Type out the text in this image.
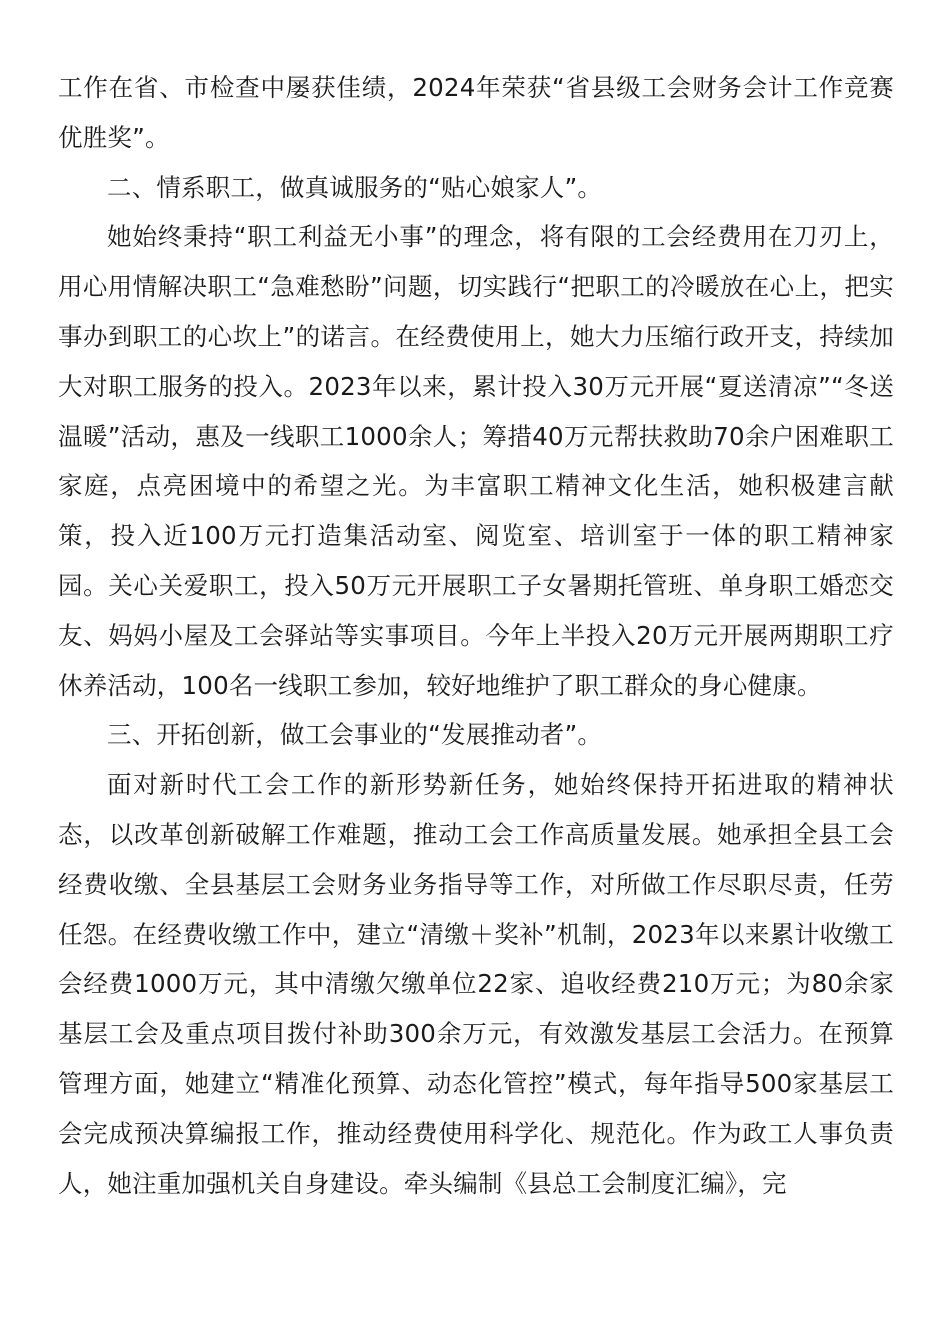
工作在省、市检查中屡获佳绩，2024年荣获“省县级工会财务会计工作竞赛优胜奖”。

二、情系职工，做真诚服务的“贴心娘家人”。

她始终秉持“职工利益无小事”的理念，将有限的工会经费用在刀刃上，用心用情解决职工“急难愁盼”问题，切实践行“把职工的冷暖放在心上，把实事办到职工的心坎上”的诺言。在经费使用上，她大力压缩行政开支，持续加大对职工服务的投入。2023年以来，累计投入30万元开展“夏送清凉”“冬送温暖”活动，惠及一线职工1000余人；筹措40万元帮扶救助70余户困难职工家庭，点亮困境中的希望之光。为丰富职工精神文化生活，她积极建言献策，投入近100万元打造集活动室、阅览室、培训室于一体的职工精神家园。关心关爱职工，投入50万元开展职工子女暑期托管班、单身职工婚恋交友、妈妈小屋及工会驿站等实事项目。今年上半投入20万元开展两期职工疗休养活动，100名一线职工参加，较好地维护了职工群众的身心健康。

三、开拓创新，做工会事业的“发展推动者”。

面对新时代工会工作的新形势新任务，她始终保持开拓进取的精神状态，以改革创新破解工作难题，推动工会工作高质量发展。她承担全县工会经费收缴、全县基层工会财务业务指导等工作，对所做工作尽职尽责，任劳任怨。在经费收缴工作中，建立“清缴＋奖补”机制，2023年以来累计收缴工会经费1000万元，其中清缴欠缴单位22家、追收经费210万元；为80余家基层工会及重点项目拨付补助300余万元，有效激发基层工会活力。在预算管理方面，她建立“精准化预算、动态化管控”模式，每年指导500家基层工会完成预决算编报工作，推动经费使用科学化、规范化。作为政工人事负责人，她注重加强机关自身建设。牵头编制《县总工会制度汇编》，完
